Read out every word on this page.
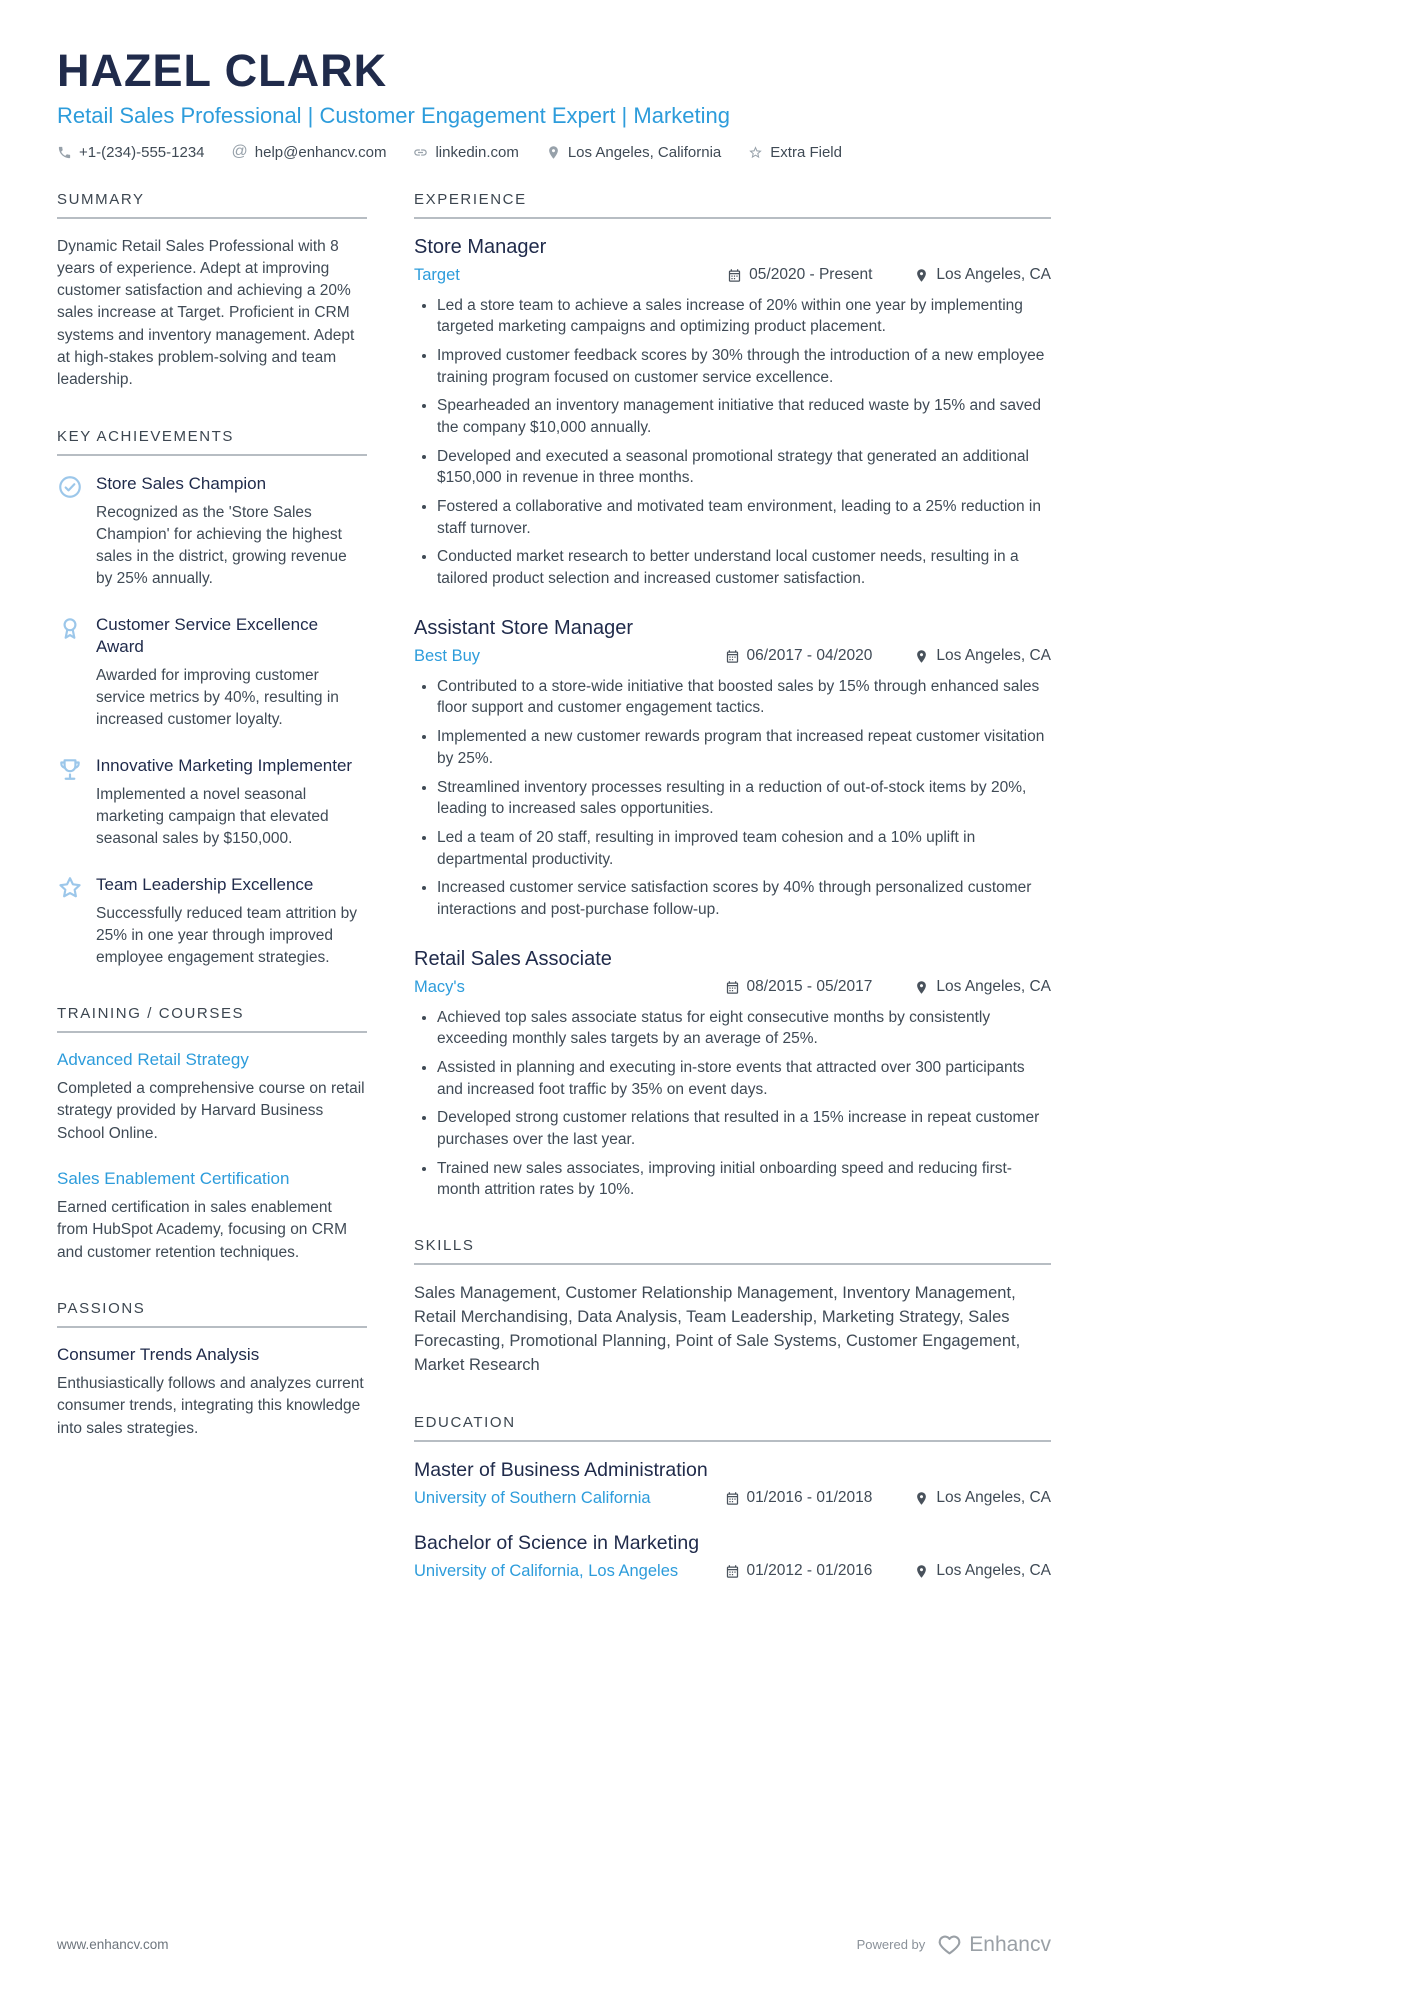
HAZEL CLARK
Retail Sales Professional | Customer Engagement Expert | Marketing
+1-(234)-555-1234 @ help@enhancv.com	linkedin.com	Los Angeles, California	Extra Field
SUMMARY

Dynamic Retail Sales Professional with 8 years of experience. Adept at improving customer satisfaction and achieving a 20% sales increase at Target. Proficient in CRM systems and inventory management. Adept at high-stakes problem-solving and team leadership.

KEY ACHIEVEMENTS
Store Sales Champion
Recognized as the 'Store Sales Champion' for achieving the highest sales in the district, growing revenue by 25% annually.
Customer Service Excellence Award
Awarded for improving customer service metrics by 40%, resulting in increased customer loyalty.
Innovative Marketing Implementer
Implemented a novel seasonal marketing campaign that elevated seasonal sales by $150,000.
Team Leadership Excellence
Successfully reduced team attrition by 25% in one year through improved employee engagement strategies.
TRAINING / COURSES
Advanced Retail Strategy
Completed a comprehensive course on retail strategy provided by Harvard Business School Online.
Sales Enablement Certification
Earned certification in sales enablement from HubSpot Academy, focusing on CRM and customer retention techniques.
PASSIONS
Consumer Trends Analysis
Enthusiastically follows and analyzes current consumer trends, integrating this knowledge into sales strategies.
EXPERIENCE
Store Manager
Target	05/2020 - Present	Los Angeles, CA
• Led a store team to achieve a sales increase of 20% within one year by implementing targeted marketing campaigns and optimizing product placement.
• Improved customer feedback scores by 30% through the introduction of a new employee training program focused on customer service excellence.
• Spearheaded an inventory management initiative that reduced waste by 15% and saved the company $10,000 annually.
• Developed and executed a seasonal promotional strategy that generated an additional $150,000 in revenue in three months.
• Fostered a collaborative and motivated team environment, leading to a 25% reduction in staff turnover.
• Conducted market research to better understand local customer needs, resulting in a tailored product selection and increased customer satisfaction.
Assistant Store Manager
Best Buy	06/2017 - 04/2020	Los Angeles, CA
• Contributed to a store-wide initiative that boosted sales by 15% through enhanced sales floor support and customer engagement tactics.
• Implemented a new customer rewards program that increased repeat customer visitation by 25%.
• Streamlined inventory processes resulting in a reduction of out-of-stock items by 20%, leading to increased sales opportunities.
• Led a team of 20 staff, resulting in improved team cohesion and a 10% uplift in departmental productivity.
• Increased customer service satisfaction scores by 40% through personalized customer interactions and post-purchase follow-up.
Retail Sales Associate
Macy's	08/2015 - 05/2017	Los Angeles, CA
• Achieved top sales associate status for eight consecutive months by consistently exceeding monthly sales targets by an average of 25%.
• Assisted in planning and executing in-store events that attracted over 300 participants and increased foot traffic by 35% on event days.
• Developed strong customer relations that resulted in a 15% increase in repeat customer purchases over the last year.
• Trained new sales associates, improving initial onboarding speed and reducing first-month attrition rates by 10%.
SKILLS

Sales Management, Customer Relationship Management, Inventory Management, Retail Merchandising, Data Analysis, Team Leadership, Marketing Strategy, Sales Forecasting, Promotional Planning, Point of Sale Systems, Customer Engagement, Market Research

EDUCATION
Master of Business Administration
University of Southern California	01/2016 - 01/2018	Los Angeles, CA
Bachelor of Science in Marketing
University of California, Los Angeles	01/2012 - 01/2016	Los Angeles, CA
www.enhancv.com	Powered by Enhancv
